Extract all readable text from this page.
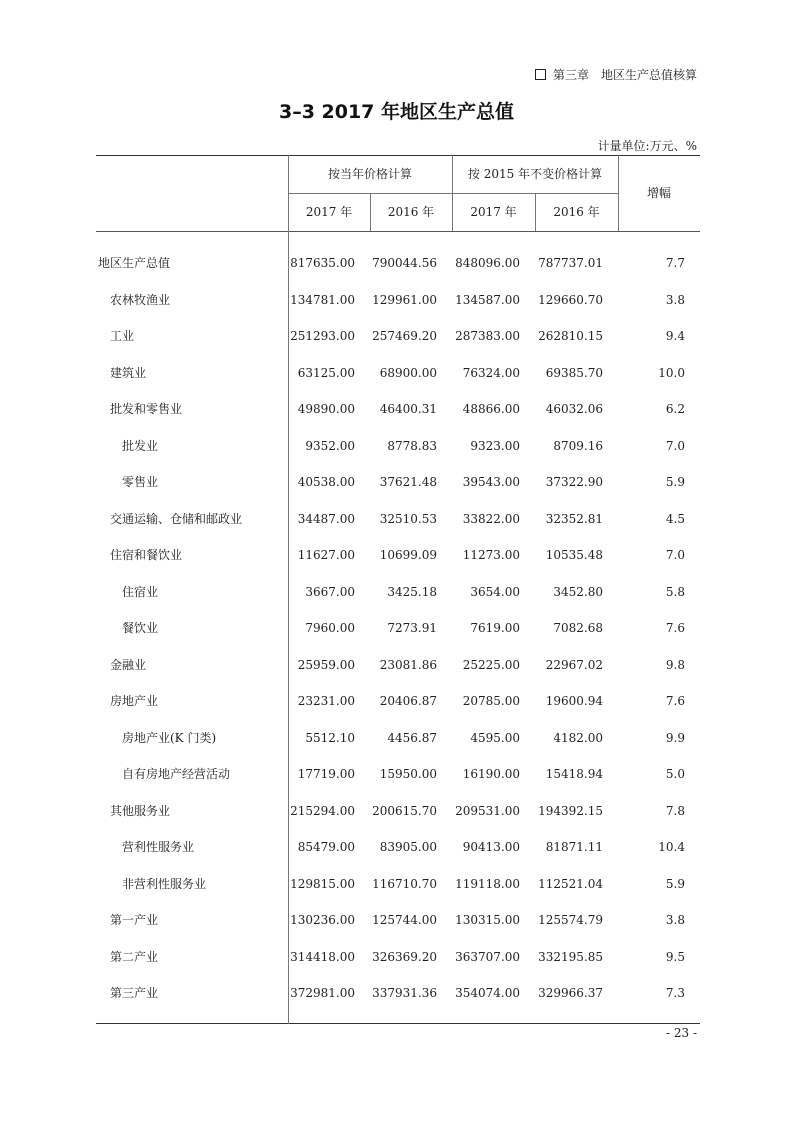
第三章 地区生产总值核算
3–3 2017 年地区生产总值
计量单位:万元、%
按当年价格计算	按 2015 年不变价格计算
2017 年	2016 年	2017 年	2016 年
增幅
地区生产总值	817635.00 790044.56 848096.00 787737.01	7.7
农林牧渔业	134781.00 129961.00 134587.00 129660.70	3.8
工业	251293.00 257469.20 287383.00 262810.15	9.4
建筑业	63125.00	68900.00	76324.00	69385.70	10.0
批发和零售业	49890.00	46400.31	48866.00	46032.06	6.2
批发业	9352.00	8778.83	9323.00	8709.16	7.0
零售业	40538.00	37621.48	39543.00	37322.90	5.9
交通运输、仓储和邮政业	34487.00	32510.53	33822.00	32352.81	4.5
住宿和餐饮业	11627.00	10699.09	11273.00	10535.48	7.0
住宿业	3667.00	3425.18	3654.00	3452.80	5.8
餐饮业	7960.00	7273.91	7619.00	7082.68	7.6
金融业	25959.00	23081.86	25225.00	22967.02	9.8
房地产业	23231.00	20406.87	20785.00	19600.94	7.6
房地产业(K 门类)	5512.10	4456.87	4595.00	4182.00	9.9
自有房地产经营活动	17719.00	15950.00	16190.00	15418.94	5.0
其他服务业	215294.00 200615.70 209531.00 194392.15	7.8
营利性服务业	85479.00	83905.00	90413.00	81871.11	10.4
非营利性服务业	129815.00 116710.70 119118.00 112521.04	5.9
第一产业	130236.00 125744.00 130315.00 125574.79	3.8
第二产业	314418.00 326369.20 363707.00 332195.85	9.5
第三产业	372981.00 337931.36 354074.00 329966.37	7.3
- 23 -
